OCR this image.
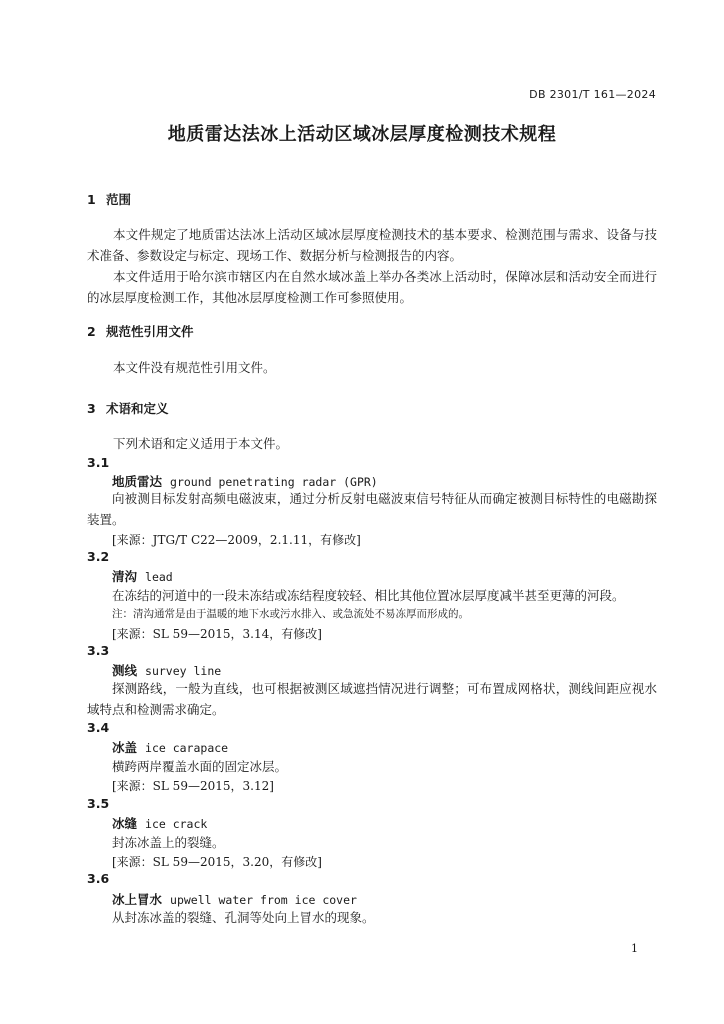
DB 2301/T 161—2024
地质雷达法冰上活动区域冰层厚度检测技术规程
1 范围
本文件规定了地质雷达法冰上活动区域冰层厚度检测技术的基本要求、检测范围与需求、设备与技术准备、参数设定与标定、现场工作、数据分析与检测报告的内容。
本文件适用于哈尔滨市辖区内在自然水域冰盖上举办各类冰上活动时，保障冰层和活动安全而进行的冰层厚度检测工作，其他冰层厚度检测工作可参照使用。
2 规范性引用文件
本文件没有规范性引用文件。
3 术语和定义
下列术语和定义适用于本文件。
3.1
地质雷达 ground penetrating radar (GPR)
向被测目标发射高频电磁波束，通过分析反射电磁波束信号特征从而确定被测目标特性的电磁勘探装置。
[来源：JTG/T C22—2009，2.1.11，有修改]
3.2
清沟 lead
在冻结的河道中的一段未冻结或冻结程度较轻、相比其他位置冰层厚度减半甚至更薄的河段。
注：清沟通常是由于温暖的地下水或污水排入、或急流处不易冻厚而形成的。
[来源：SL 59—2015，3.14，有修改]
3.3
测线 survey line
探测路线，一般为直线，也可根据被测区域遮挡情况进行调整；可布置成网格状，测线间距应视水域特点和检测需求确定。
3.4
冰盖 ice carapace
横跨两岸覆盖水面的固定冰层。
[来源：SL 59—2015，3.12]
3.5
冰缝 ice crack
封冻冰盖上的裂缝。
[来源：SL 59—2015，3.20，有修改]
3.6
冰上冒水 upwell water from ice cover
从封冻冰盖的裂缝、孔洞等处向上冒水的现象。
1
